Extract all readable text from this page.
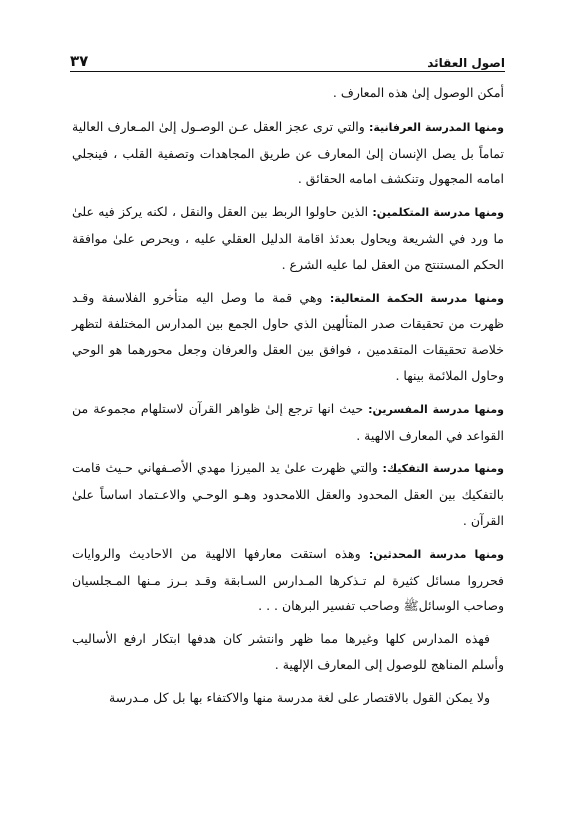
اصول العقائد
٣٧

أمكن الوصول إلىٰ هذه المعارف .

ومنها المدرسة العرفانية: والتي ترى عجز العقل عـن الوصـول إلىٰ المـعارف العالية تماماً بل يصل الإنسان إلىٰ المعارف عن طريق المجاهدات وتصفية القلب ، فينجلي امامه المجهول وتنكشف امامه الحقائق .

ومنها مدرسة المتكلمين: الذين حاولوا الربط بين العقل والنقل ، لكنه يركز فيه علىٰ ما ورد في الشريعة ويحاول بعدئذ اقامة الدليل العقلي عليه ، ويحرص علىٰ موافقة الحكم المستنتج من العقل لما عليه الشرع .

ومنها مدرسة الحكمة المتعالية: وهي قمة ما وصل اليه متأخرو الفلاسفة وقـد ظهرت من تحقيقات صدر المتألهين الذي حاول الجمع بين المدارس المختلفة لتظهر خلاصة تحقيقات المتقدمين ، فوافق بين العقل والعرفان وجعل محورهما هو الوحي وحاول الملائمة بينها .

ومنها مدرسة المفسرين: حيث انها ترجع إلىٰ ظواهر القرآن لاستلهام مجموعة من القواعد في المعارف الالهية .

ومنها مدرسة التفكيك: والتي ظهرت علىٰ يد الميرزا مهدي الأصـفهاني حـيث قامت بالتفكيك بين العقل المحدود والعقل اللامحدود وهـو الوحـي والاعـتماد اساساً علىٰ القرآن .

ومنها مدرسة المحدثين: وهذه استقت معارفها الالهية من الاحاديث والروايات فحرروا مسائل كثيرة لم تـذكرها المـدارس السـابقة وقـد بـرز مـنها المـجلسيان وصاحب الوسائلﷺ وصاحب تفسير البرهان . . .

فهذه المدارس كلها وغيرها مما ظهر وانتشر كان هدفها ابتكار ارفع الأساليب وأسلم المناهج للوصول إلى المعارف الإلهية .

ولا يمكن القول بالاقتصار على لغة مدرسة منها والاكتفاء بها بل كل مـدرسة
